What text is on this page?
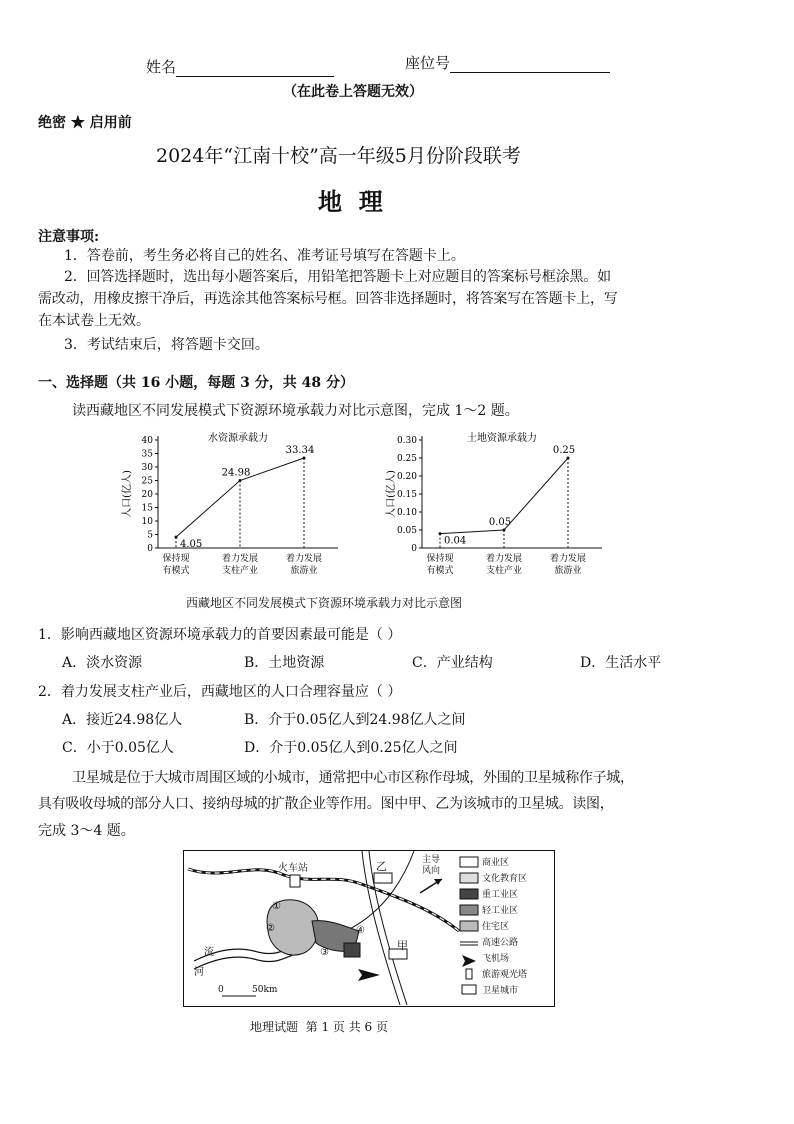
姓名	座位号
（在此卷上答题无效）
绝密 ★ 启用前
2024年“江南十校”高一年级5月份阶段联考
地  理
注意事项:
1．答卷前，考生务必将自己的姓名、准考证号填写在答题卡上。
2．回答选择题时，选出每小题答案后，用铅笔把答题卡上对应题目的答案标号框涂黑。如
需改动，用橡皮擦干净后，再选涂其他答案标号框。回答非选择题时，将答案写在答题卡上，写
在本试卷上无效。
3．考试结束后，将答题卡交回。
一、选择题（共 16 小题，每题 3 分，共 48 分）
读西藏地区不同发展模式下资源环境承载力对比示意图，完成 1～2 题。
水资源承载力
人口(亿人)
0
5
10
15
20
25
30
35
40
4.05
保持现
有模式
24.98
着力发展
支柱产业
33.34
着力发展
旅游业
土地资源承载力
人口(亿人)
0
0.05
0.10
0.15
0.20
0.25
0.30
0.04
保持现
有模式
0.05
着力发展
支柱产业
0.25
着力发展
旅游业
西藏地区不同发展模式下资源环境承载力对比示意图
1．影响西藏地区资源环境承载力的首要因素最可能是（ ）
A．淡水资源	B．土地资源	C．产业结构	D．生活水平
2．着力发展支柱产业后，西藏地区的人口合理容量应（ ）
A．接近24.98亿人	B．介于0.05亿人到24.98亿人之间
C．小于0.05亿人	D．介于0.05亿人到0.25亿人之间
卫星城是位于大城市周围区域的小城市，通常把中心市区称作母城，外围的卫星城称作子城，
具有吸收母城的部分人口、接纳母城的扩散企业等作用。图中甲、乙为该城市的卫星城。读图，
完成 3～4 题。
火车站	乙	主导
风向
甲
流
河
0	50km
①
②
③
④
商业区
文化教育区
重工业区
轻工业区
住宅区
高速公路
飞机场
旅游观光塔
卫星城市
地理试题  第 1 页 共 6 页
